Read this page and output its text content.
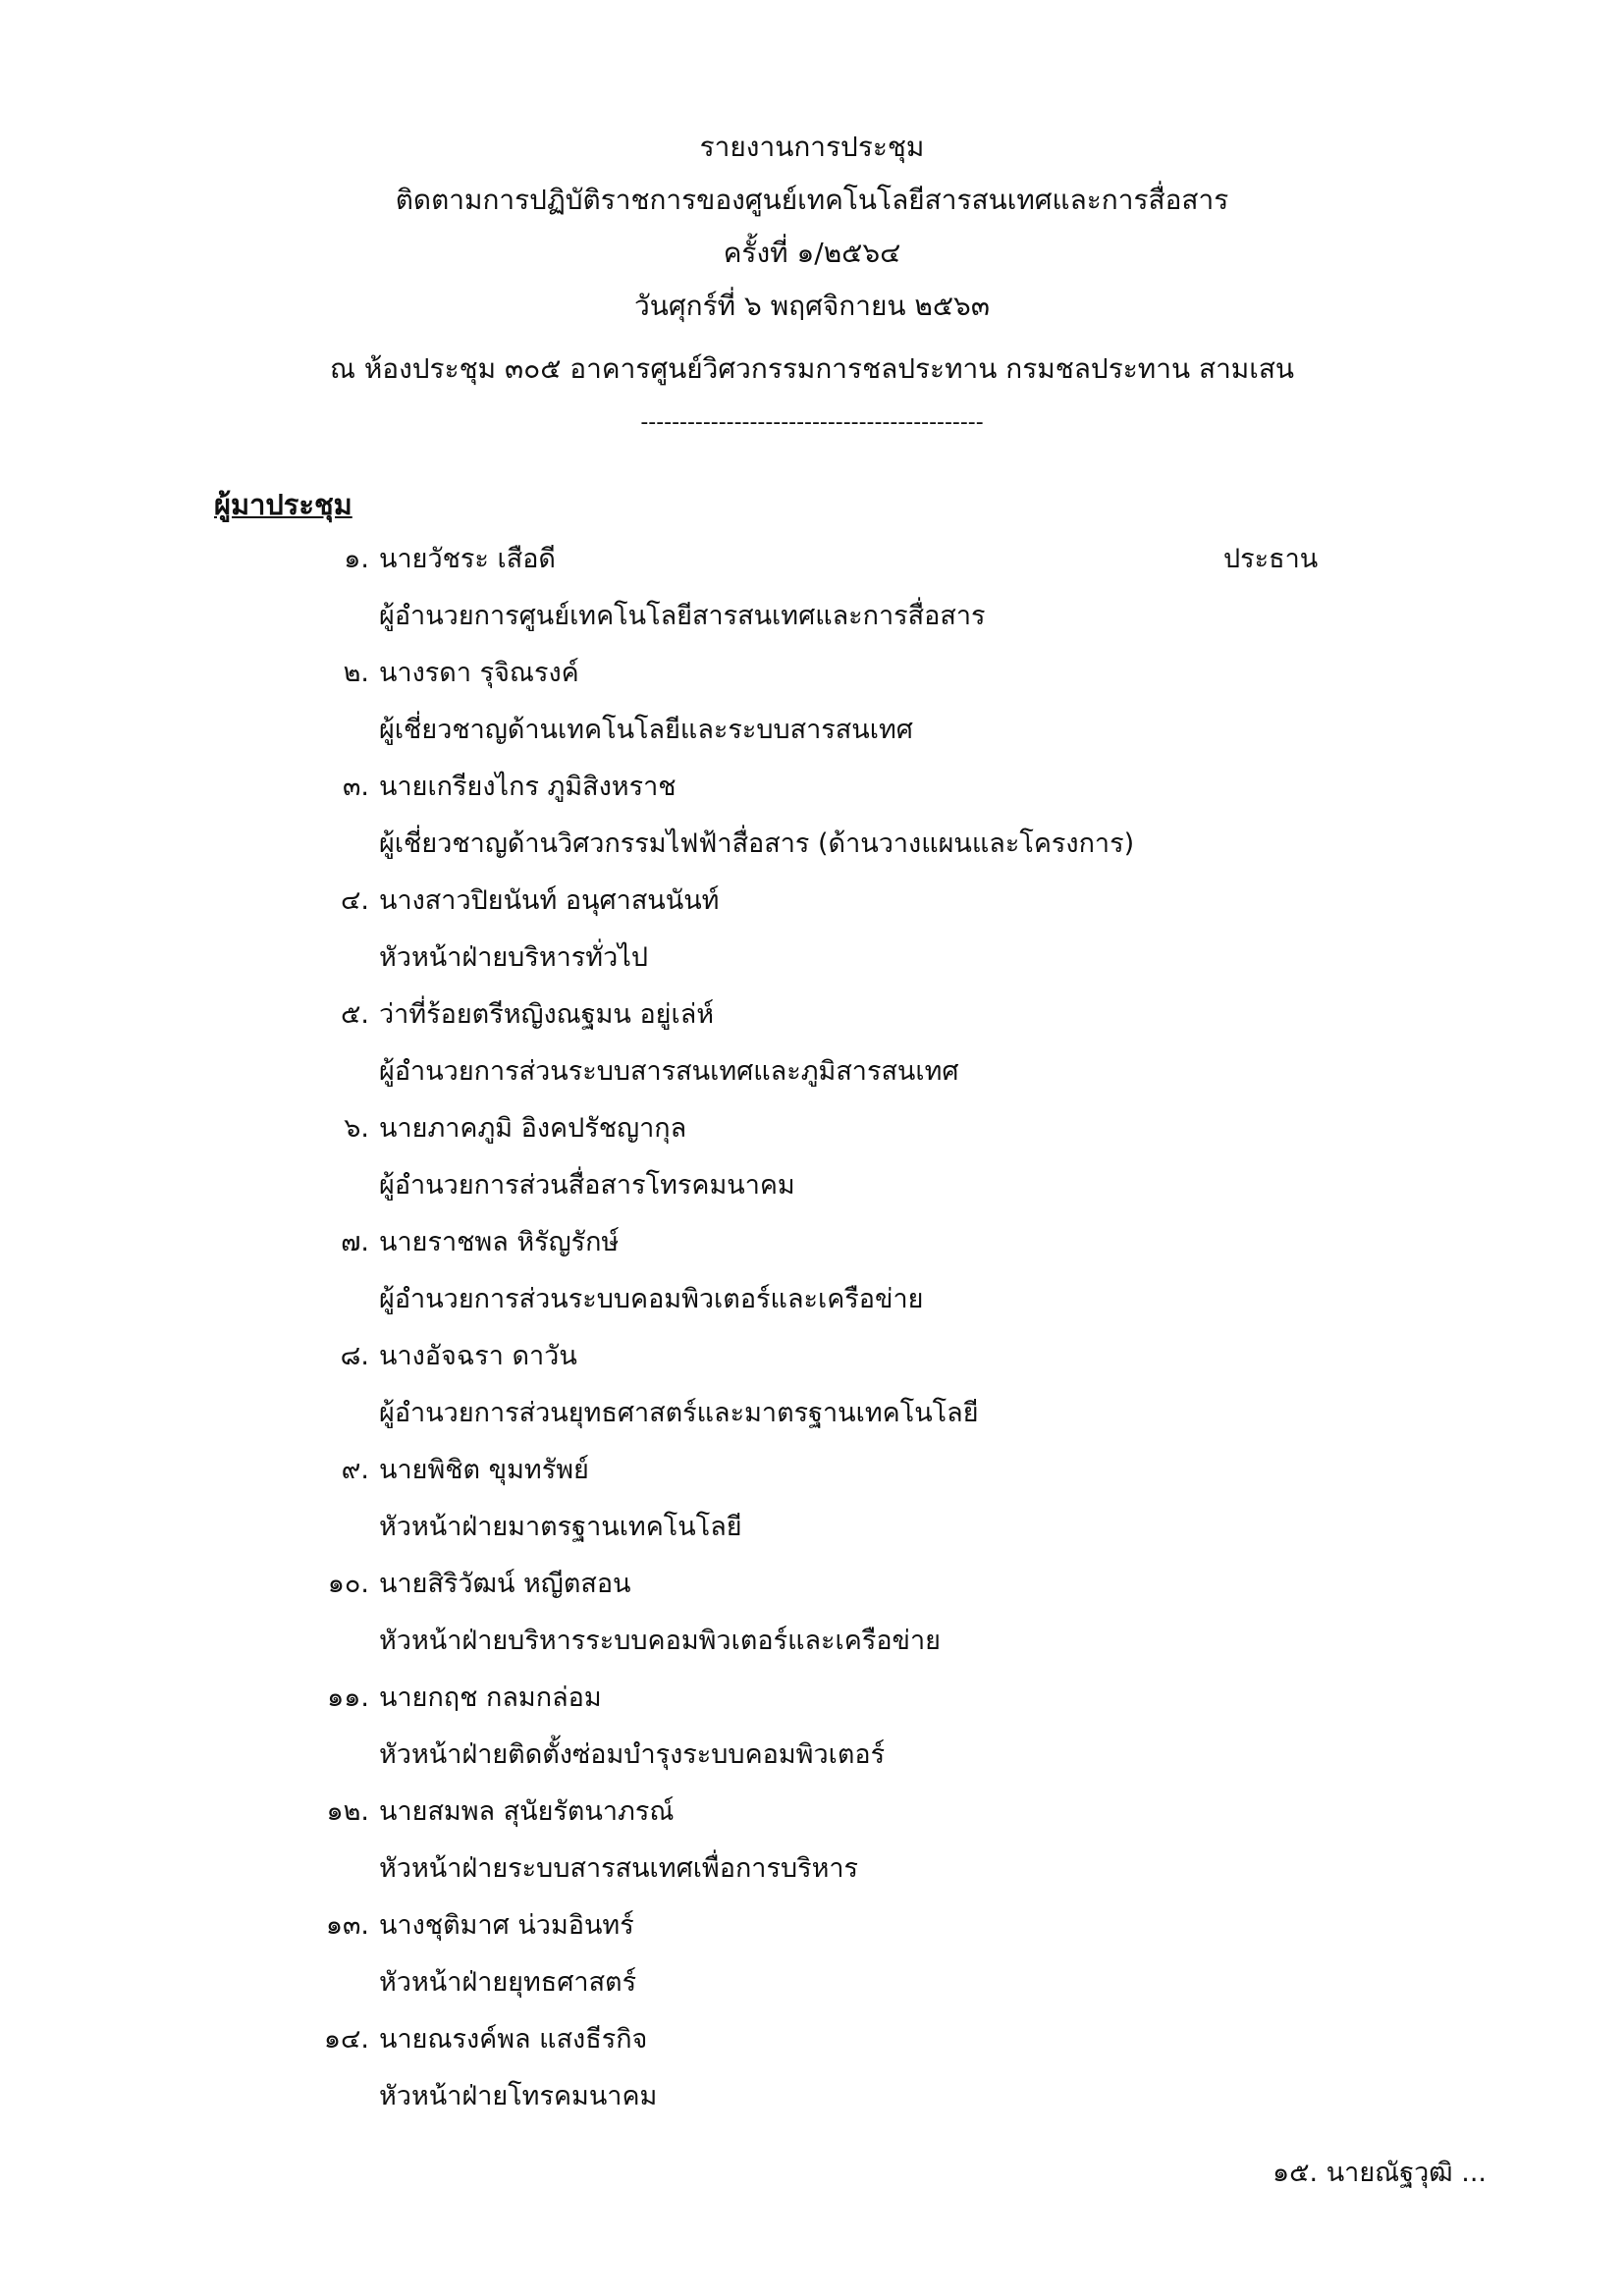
รายงานการประชุม
ติดตามการปฏิบัติราชการของศูนย์เทคโนโลยีสารสนเทศและการสื่อสาร
ครั้งที่ ๑/๒๕๖๔
วันศุกร์ที่ ๖ พฤศจิกายน ๒๕๖๓
ณ ห้องประชุม ๓๐๕ อาคารศูนย์วิศวกรรมการชลประทาน กรมชลประทาน สามเสน
--------------------------------------------
ผู้มาประชุม
๑. นายวัชระ เสือดี	ประธาน
ผู้อำนวยการศูนย์เทคโนโลยีสารสนเทศและการสื่อสาร
๒. นางรดา รุจิณรงค์
ผู้เชี่ยวชาญด้านเทคโนโลยีและระบบสารสนเทศ
๓. นายเกรียงไกร ภูมิสิงหราช
ผู้เชี่ยวชาญด้านวิศวกรรมไฟฟ้าสื่อสาร (ด้านวางแผนและโครงการ)
๔. นางสาวปิยนันท์ อนุศาสนนันท์
หัวหน้าฝ่ายบริหารทั่วไป
๕. ว่าที่ร้อยตรีหญิงณฐมน อยู่เล่ห์
ผู้อำนวยการส่วนระบบสารสนเทศและภูมิสารสนเทศ
๖. นายภาคภูมิ อิงคปรัชญากุล
ผู้อำนวยการส่วนสื่อสารโทรคมนาคม
๗. นายราชพล หิรัญรักษ์
ผู้อำนวยการส่วนระบบคอมพิวเตอร์และเครือข่าย
๘. นางอัจฉรา ดาวัน
ผู้อำนวยการส่วนยุทธศาสตร์และมาตรฐานเทคโนโลยี
๙. นายพิชิต ขุมทรัพย์
หัวหน้าฝ่ายมาตรฐานเทคโนโลยี
๑๐. นายสิริวัฒน์ หญีตสอน
หัวหน้าฝ่ายบริหารระบบคอมพิวเตอร์และเครือข่าย
๑๑. นายกฤช กลมกล่อม
หัวหน้าฝ่ายติดตั้งซ่อมบำรุงระบบคอมพิวเตอร์
๑๒. นายสมพล สุนัยรัตนาภรณ์
หัวหน้าฝ่ายระบบสารสนเทศเพื่อการบริหาร
๑๓. นางชุติมาศ น่วมอินทร์
หัวหน้าฝ่ายยุทธศาสตร์
๑๔. นายณรงค์พล แสงธีรกิจ
หัวหน้าฝ่ายโทรคมนาคม
๑๕. นายณัฐวุฒิ ...
